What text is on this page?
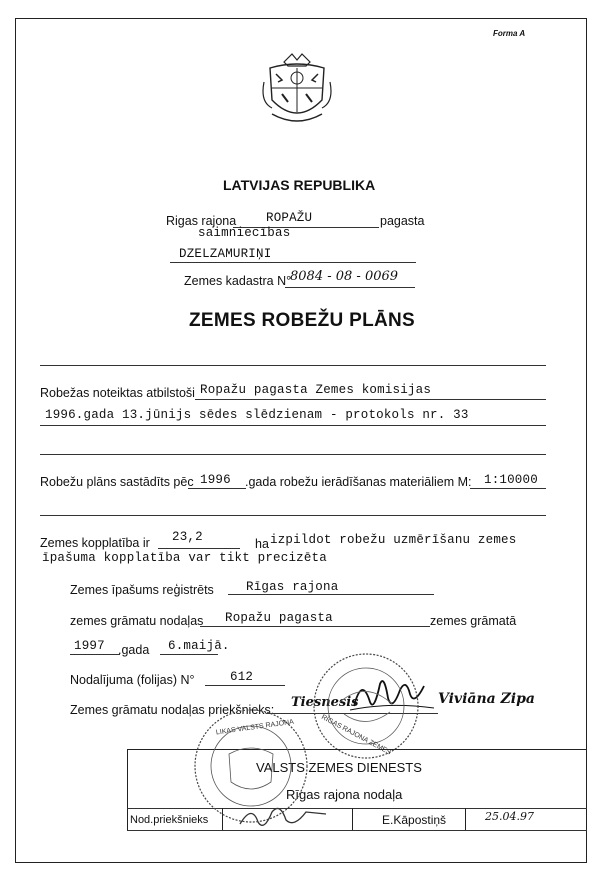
Forma A
LATVIJAS REPUBLIKA
Rigas rajona ROPAŽU	pagasta
saimniecības
DZELZAMURIŅI
Zemes kadastra N°
8084 - 08 - 0069
ZEMES ROBEŽU PLĀNS
Robežas noteiktas atbilstoši Ropažu pagasta Zemes komisijas
1996.gada 13.jūnijs sēdes slēdzienam - protokols nr. 33
Robežu plāns sastādīts pēc 1996 .gada robežu ierādīšanas materiāliem M: 1:10000
Zemes kopplatība ir 23,2	ha izpildot robežu uzmērīšanu zemes
īpašuma kopplatība var tikt precizēta
Zemes īpašums reģistrēts	Rīgas rajona
zemes grāmatu nodaļas Ropažu pagasta	zemes grāmatā
1997 .gada 6.maijā.
Nodalījuma (folijas) N°	612
Zemes grāmatu nodaļas priekšnieks: Tiesnesis	Viviāna Zipa
RĪGAS RAJONA ZEMES
VALSTS ZEMES DIENESTS
Rīgas rajona nodaļa
Nod.priekšnieks	E.Kāpostiņš	25.04.97
LIKAS VALSTS RAJONA
